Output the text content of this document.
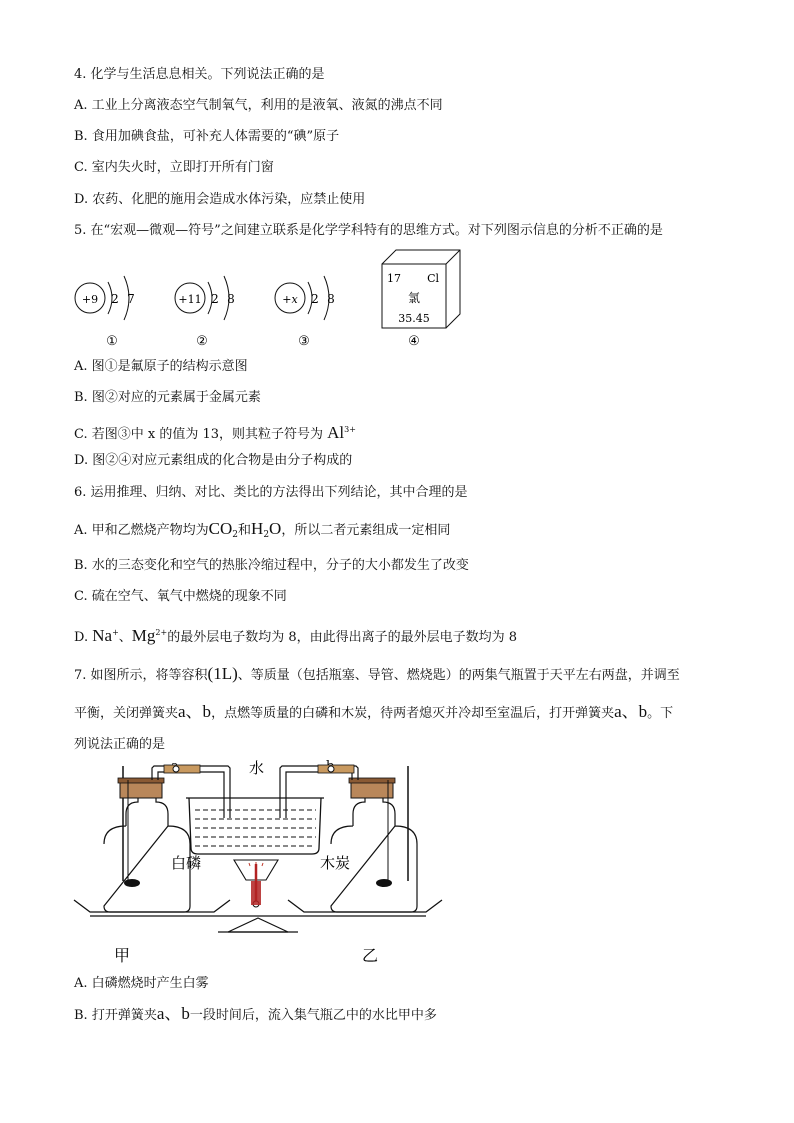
4. 化学与生活息息相关。下列说法正确的是
A. 工业上分离液态空气制氧气，利用的是液氧、液氮的沸点不同
B. 食用加碘食盐，可补充人体需要的“碘”原子
C. 室内失火时，立即打开所有门窗
D. 农药、化肥的施用会造成水体污染，应禁止使用
5. 在“宏观—微观—符号”之间建立联系是化学学科特有的思维方式。对下列图示信息的分析不正确的是
+9 2 7
①
+11 2 8
②
+x 2 8
③
17 Cl
氯
35.45
④
A. 图①是氟原子的结构示意图
B. 图②对应的元素属于金属元素
C. 若图③中 x 的值为 13，则其粒子符号为 $Al^{3+}$
D. 图②④对应元素组成的化合物是由分子构成的
6. 运用推理、归纳、对比、类比的方法得出下列结论，其中合理的是
A. 甲和乙燃烧产物均为$CO_2$和$H_2O$，所以二者元素组成一定相同
B. 水的三态变化和空气的热胀冷缩过程中，分子的大小都发生了改变
C. 硫在空气、氧气中燃烧的现象不同
D. Na+、$Mg^{2+}$的最外层电子数均为 8，由此得出离子的最外层电子数均为 8
7. 如图所示，将等容积(1L)、等质量（包括瓶塞、导管、燃烧匙）的两集气瓶置于天平左右两盘，并调至
平衡，关闭弹簧夹a、b，点燃等质量的白磷和木炭，待两者熄灭并冷却至室温后，打开弹簧夹a、b。下
列说法正确的是
水
白磷	木炭
甲	乙
A. 白磷燃烧时产生白雾
B. 打开弹簧夹a、b一段时间后，流入集气瓶乙中的水比甲中多
